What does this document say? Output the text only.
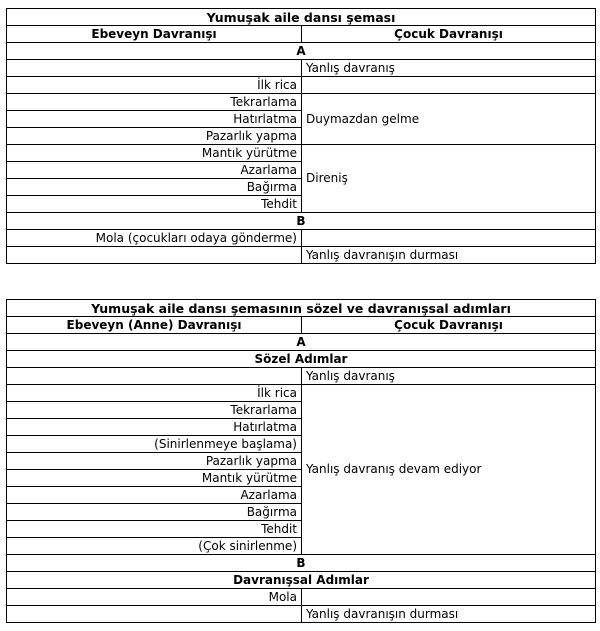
Yumuşak aile dansı şeması	
Ebeveyn Davranışı	Çocuk Davranışı
A	
	Yanlış davranış
İlk rica	
Tekrarlama	Duymazdan gelme
Hatırlatma	
Pazarlık yapma	
Mantık yürütme	Direniş
Azarlama	
Bağırma	
Tehdit	
B	
Mola (çocukları odaya gönderme)	
	Yanlış davranışın durması
Yumuşak aile dansı şemasının sözel ve davranışsal adımları	
Ebeveyn (Anne) Davranışı	Çocuk Davranışı
A	
Sözel Adımlar	
	Yanlış davranış
İlk rica	Yanlış davranış devam ediyor
Tekrarlama	
Hatırlatma	
(Sinirlenmeye başlama)	
Pazarlık yapma	
Mantık yürütme	
Azarlama	
Bağırma	
Tehdit	
(Çok sinirlenme)	
B	
Davranışsal Adımlar	
Mola	
	Yanlış davranışın durması
